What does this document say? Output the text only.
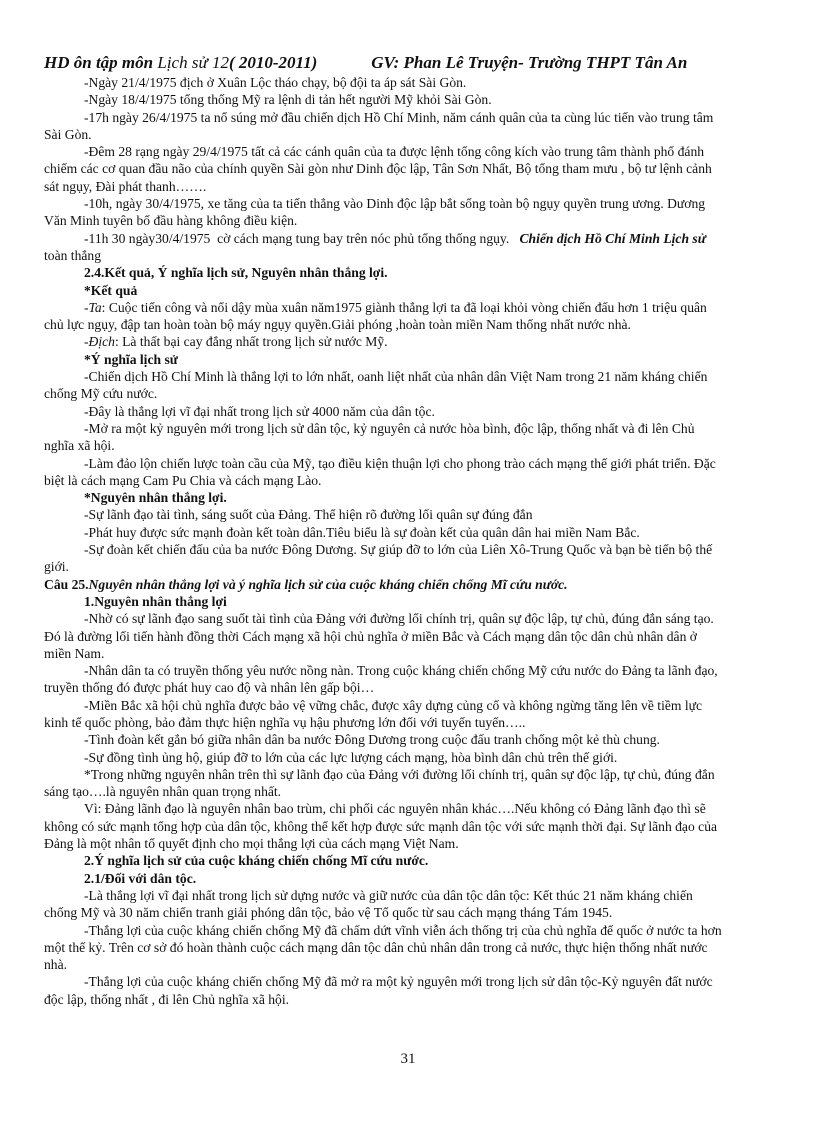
HD ôn tập môn Lịch sử 12( 2010-2011)	GV: Phan Lê Truyện- Trường THPT Tân An

-Ngày 21/4/1975 địch ở Xuân Lộc tháo chạy, bộ đội ta áp sát Sài Gòn.

-Ngày 18/4/1975 tổng thống Mỹ ra lệnh di tản hết người Mỹ khỏi Sài Gòn.

-17h ngày 26/4/1975 ta nổ súng mở đầu chiến dịch Hồ Chí Minh, năm cánh quân của ta cùng lúc tiến vào trung tâm

Sài Gòn.

-Đêm 28 rạng ngày 29/4/1975 tất cả các cánh quân của ta được lệnh tổng công kích vào trung tâm thành phố đánh

chiếm các cơ quan đầu não của chính quyền Sài gòn như Dinh độc lập, Tân Sơn Nhất, Bộ tổng tham mưu , bộ tư lệnh cảnh

sát ngụy, Đài phát thanh…….

-10h, ngày 30/4/1975, xe tăng của ta tiến thẳng vào Dinh độc lập bắt sống toàn bộ ngụy quyền trung ương. Dương

Văn Minh tuyên bố đầu hàng không điều kiện.

-11h 30 ngày30/4/1975  cờ cách mạng tung bay trên nóc phủ tổng thống ngụy.   Chiến dịch Hồ Chí Minh Lịch sử

toàn thắng

2.4.Kết quả, Ý nghĩa lịch sử, Nguyên nhân thắng lợi.

*Kết quả

-Ta: Cuộc tiến công và nổi dậy mùa xuân năm1975 giành thắng lợi ta đã loại khỏi vòng chiến đấu hơn 1 triệu quân

chủ lực ngụy, đập tan hoàn toàn bộ máy ngụy quyền.Giải phóng ,hoàn toàn miền Nam thống nhất nước nhà.

-Địch: Là thất bại cay đắng nhất trong lịch sử nước Mỹ.

*Ý nghĩa lịch sử

-Chiến dịch Hồ Chí Minh là thắng lợi to lớn nhất, oanh liệt nhất của nhân dân Việt Nam trong 21 năm kháng chiến

chống Mỹ cứu nước.

-Đây là thắng lợi vĩ đại nhất trong lịch sử 4000 năm của dân tộc.

-Mở ra một kỷ nguyên mới trong lịch sử dân tộc, kỷ nguyên cả nước hòa bình, độc lập, thống nhất và đi lên Chủ

nghĩa xã hội.

-Làm đảo lộn chiến lược toàn cầu của Mỹ, tạo điều kiện thuận lợi cho phong trào cách mạng thế giới phát triển. Đặc

biệt là cách mạng Cam Pu Chia và cách mạng Lào.

*Nguyên nhân thắng lợi.

-Sự lãnh đạo tài tình, sáng suốt của Đảng. Thể hiện rõ đường lối quân sự đúng đắn

-Phát huy được sức mạnh đoàn kết toàn dân.Tiêu biểu là sự đoàn kết của quân dân hai miền Nam Bắc.

-Sự đoàn kết chiến đấu của ba nước Đông Dương. Sự giúp đỡ to lớn của Liên Xô-Trung Quốc và bạn bè tiến bộ thế

giới.

Câu 25.Nguyên nhân thắng lợi và ý nghĩa lịch sử của cuộc kháng chiến chống Mĩ cứu nước.

1.Nguyên nhân thắng lợi

-Nhờ có sự lãnh đạo sang suốt tài tình của Đảng với đường lối chính trị, quân sự độc lập, tự chủ, đúng đắn sáng tạo.

Đó là đường lối tiến hành đồng thời Cách mạng xã hội chủ nghĩa ở miền Bắc và Cách mạng dân tộc dân chủ nhân dân ở

miền Nam.

-Nhân dân ta có truyền thống yêu nước nồng nàn. Trong cuộc kháng chiến chống Mỹ cứu nước do Đảng ta lãnh đạo,

truyền thống đó được phát huy cao độ và nhân lên gấp bội…

-Miền Bắc xã hội chủ nghĩa được bảo vệ vững chắc, được xây dựng củng cố và không ngừng tăng lên về tiềm lực

kinh tế quốc phòng, bảo đảm thực hiện nghĩa vụ hậu phương lớn đối với tuyến tuyến…..

-Tình đoàn kết gắn bó giữa nhân dân ba nước Đông Dương trong cuộc đấu tranh chống một kẻ thù chung.

-Sự đồng tình ủng hộ, giúp đỡ to lớn của các lực lượng cách mạng, hòa bình dân chủ trên thế giới.

*Trong những nguyên nhân trên thì sự lãnh đạo của Đảng với đường lối chính trị, quân sự độc lập, tự chủ, đúng đắn

sáng tạo….là nguyên nhân quan trọng nhất.

Vì: Đảng lãnh đạo là nguyên nhân bao trùm, chi phối các nguyên nhân khác….Nếu không có Đảng lãnh đạo thì sẽ

không có sức mạnh tổng hợp của dân tộc, không thể kết hợp được sức mạnh dân tộc với sức mạnh thời đại. Sự lãnh đạo của

Đảng là một nhân tố quyết định cho mọi thắng lợi của cách mạng Việt Nam.

2.Ý nghĩa lịch sử của cuộc kháng chiến chống Mĩ cứu nước.

2.1/Đối với dân tộc.

-Là thắng lợi vĩ đại nhất trong lịch sử dựng nước và giữ nước của dân tộc dân tộc: Kết thúc 21 năm kháng chiến

chống Mỹ và 30 năm chiến tranh giải phóng dân tộc, bảo vệ Tổ quốc từ sau cách mạng tháng Tám 1945.

-Thắng lợi của cuộc kháng chiến chống Mỹ đã chấm dứt vĩnh viễn ách thống trị của chủ nghĩa đế quốc ở nước ta hơn

một thế kỷ. Trên cơ sở đó hoàn thành cuộc cách mạng dân tộc dân chủ nhân dân trong cả nước, thực hiện thống nhất nước

nhà.

-Thắng lợi của cuộc kháng chiến chống Mỹ đã mở ra một kỷ nguyên mới trong lịch sử dân tộc-Kỷ nguyên đất nước

độc lập, thống nhất , đi lên Chủ nghĩa xã hội.

31
